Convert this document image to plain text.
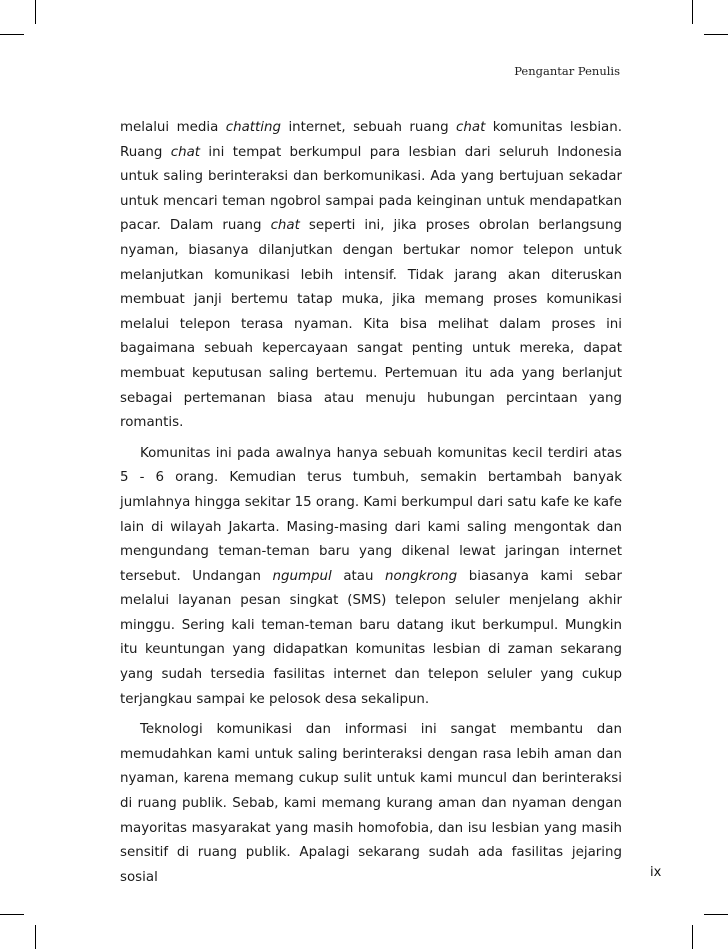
Pengantar Penulis

melalui media chatting internet, sebuah ruang chat komunitas lesbian. Ruang chat ini tempat berkumpul para lesbian dari seluruh Indonesia untuk saling berinteraksi dan berkomunikasi. Ada yang bertujuan sekadar untuk mencari teman ngobrol sampai pada keinginan untuk mendapatkan pacar. Dalam ruang chat seperti ini, jika proses obrolan berlangsung nyaman, biasanya dilanjutkan dengan bertukar nomor telepon untuk melanjutkan komunikasi lebih intensif. Tidak jarang akan diteruskan membuat janji bertemu tatap muka, jika memang proses komunikasi melalui telepon terasa nyaman. Kita bisa melihat dalam proses ini bagaimana sebuah kepercayaan sangat penting untuk mereka, dapat membuat keputusan saling bertemu. Pertemuan itu ada yang berlanjut sebagai pertemanan biasa atau menuju hubungan percintaan yang romantis.

Komunitas ini pada awalnya hanya sebuah komunitas kecil terdiri atas 5 - 6 orang. Kemudian terus tumbuh, semakin bertambah banyak jumlahnya hingga sekitar 15 orang. Kami berkumpul dari satu kafe ke kafe lain di wilayah Jakarta. Masing-masing dari kami saling mengontak dan mengundang teman-teman baru yang dikenal lewat jaringan internet tersebut. Undangan ngumpul atau nongkrong biasanya kami sebar melalui layanan pesan singkat (SMS) telepon seluler menjelang akhir minggu. Sering kali teman-teman baru datang ikut berkumpul. Mungkin itu keuntungan yang didapatkan komunitas lesbian di zaman sekarang yang sudah tersedia fasilitas internet dan telepon seluler yang cukup terjangkau sampai ke pelosok desa sekalipun.

Teknologi komunikasi dan informasi ini sangat membantu dan memudahkan kami untuk saling berinteraksi dengan rasa lebih aman dan nyaman, karena memang cukup sulit untuk kami muncul dan berinteraksi di ruang publik. Sebab, kami memang kurang aman dan nyaman dengan mayoritas masyarakat yang masih homofobia, dan isu lesbian yang masih sensitif di ruang publik. Apalagi sekarang sudah ada fasilitas jejaring sosial	ix
